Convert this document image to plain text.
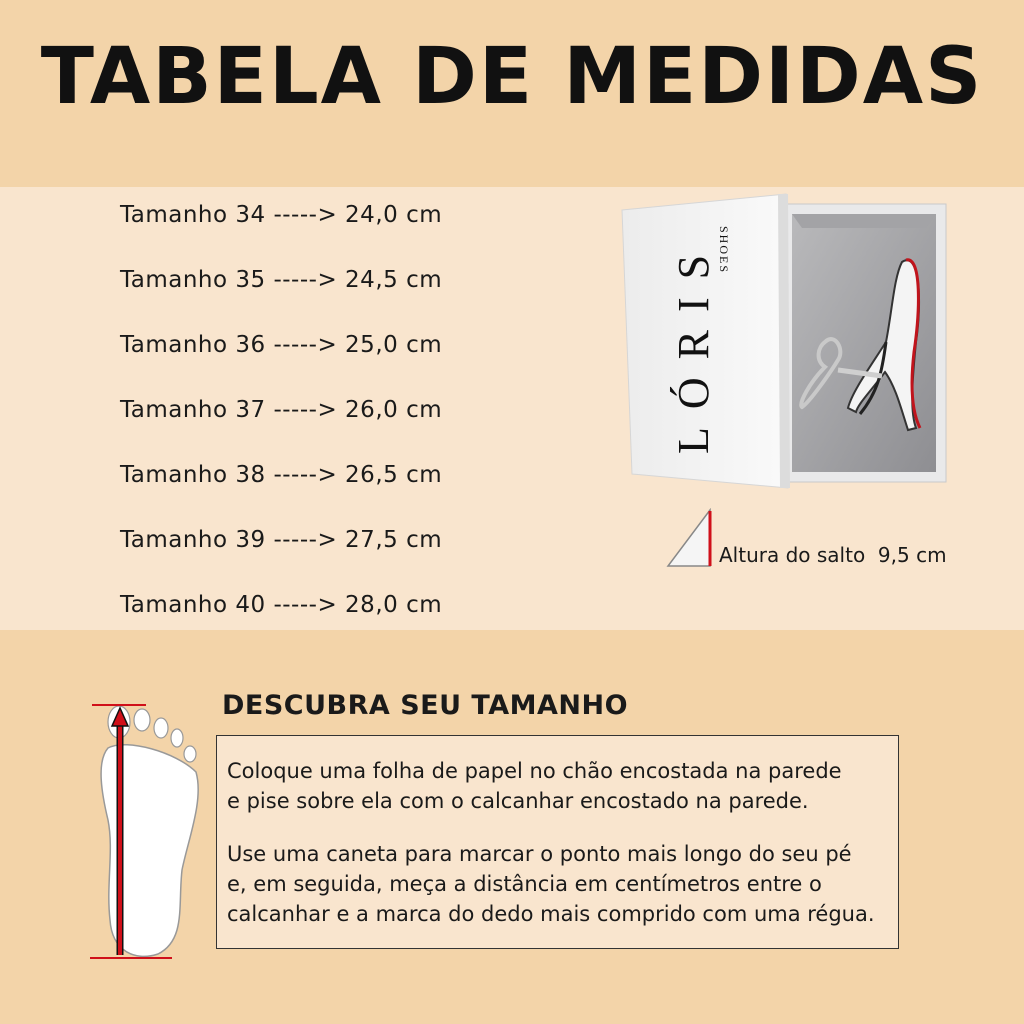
TABELA DE MEDIDAS
Tamanho 34 -----> 24,0 cm
Tamanho 35 -----> 24,5 cm
Tamanho 36 -----> 25,0 cm
Tamanho 37 -----> 26,0 cm
Tamanho 38 -----> 26,5 cm
Tamanho 39 -----> 27,5 cm
Tamanho 40 -----> 28,0 cm
LÓRIS SHOES
Altura do salto 9,5 cm
DESCUBRA SEU TAMANHO

Coloque uma folha de papel no chão encostada na parede
e pise sobre ela com o calcanhar encostado na parede.

Use uma caneta para marcar o ponto mais longo do seu pé
e, em seguida, meça a distância em centímetros entre o
calcanhar e a marca do dedo mais comprido com uma régua.
